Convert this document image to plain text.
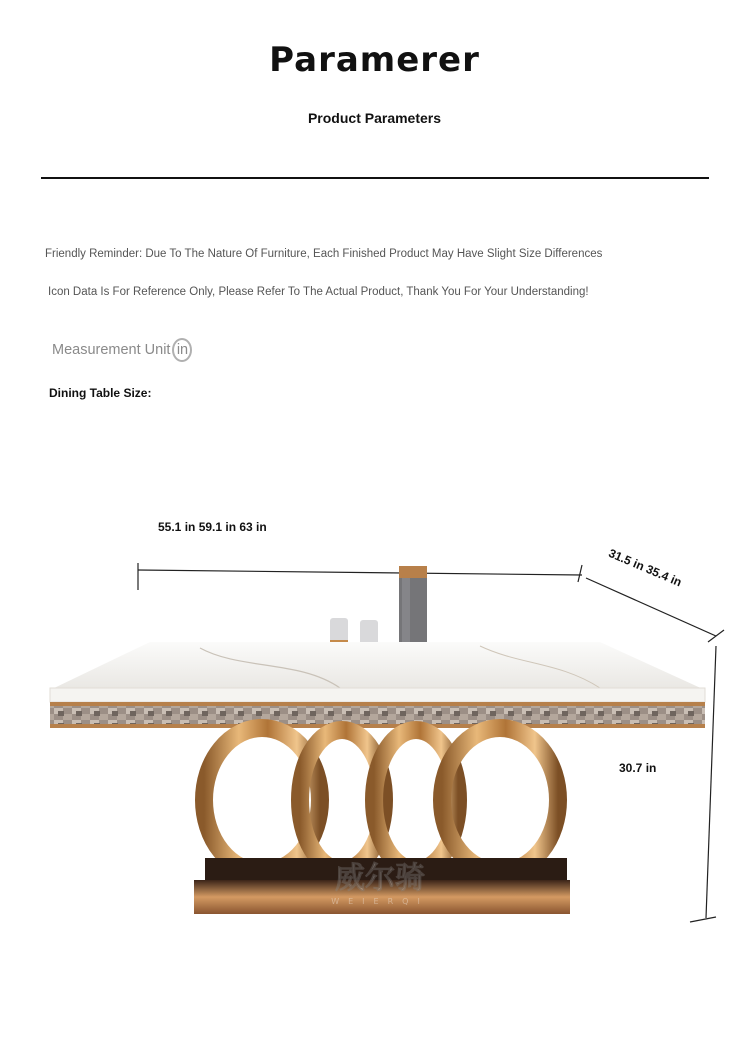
Paramerer
Product Parameters
Friendly Reminder: Due To The Nature Of Furniture, Each Finished Product May Have Slight Size Differences
Icon Data Is For Reference Only, Please Refer To The Actual Product, Thank You For Your Understanding!
Measurement Unit in
Dining Table Size:
威尔骑
WEIERQI
55.1 in 59.1 in 63 in
31.5 in 35.4 in
30.7 in
